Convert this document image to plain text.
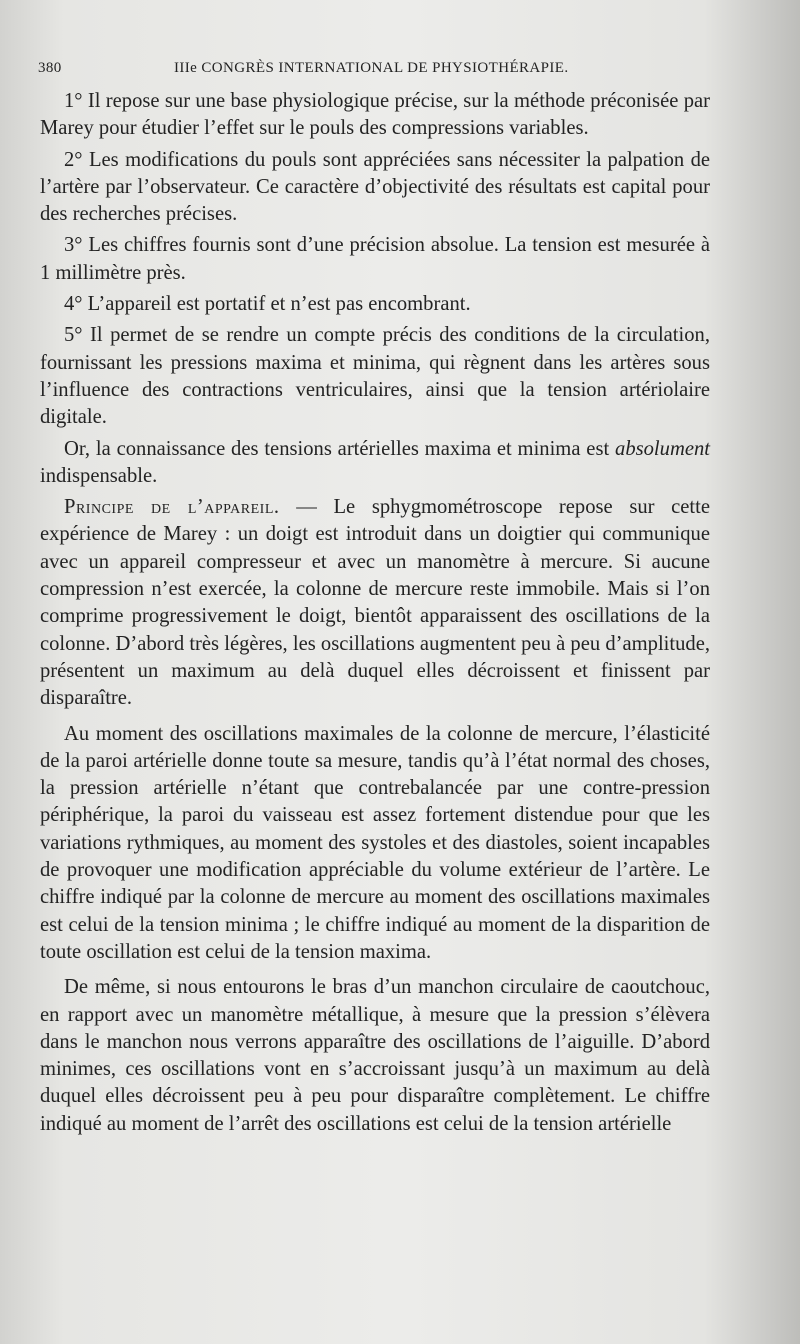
380	IIIe CONGRÈS INTERNATIONAL DE PHYSIOTHÉRAPIE.

1° Il repose sur une base physiologique précise, sur la méthode préconisée par Marey pour étudier l’effet sur le pouls des compressions variables.

2° Les modifications du pouls sont appréciées sans nécessiter la palpation de l’artère par l’observateur. Ce caractère d’objectivité des résultats est capital pour des recherches précises.

3° Les chiffres fournis sont d’une précision absolue. La tension est mesurée à 1 millimètre près.

4° L’appareil est portatif et n’est pas encombrant.

5° Il permet de se rendre un compte précis des conditions de la circulation, fournissant les pressions maxima et minima, qui règnent dans les artères sous l’influence des contractions ventriculaires, ainsi que la tension artériolaire digitale.

Or, la connaissance des tensions artérielles maxima et minima est absolument indispensable.

Principe de l’appareil. — Le sphygmométroscope repose sur cette expérience de Marey : un doigt est introduit dans un doigtier qui communique avec un appareil compresseur et avec un manomètre à mercure. Si aucune compression n’est exercée, la colonne de mercure reste immobile. Mais si l’on comprime progressivement le doigt, bientôt apparaissent des oscillations de la colonne. D’abord très légères, les oscillations augmentent peu à peu d’amplitude, présentent un maximum au delà duquel elles décroissent et finissent par disparaître.

Au moment des oscillations maximales de la colonne de mercure, l’élasticité de la paroi artérielle donne toute sa mesure, tandis qu’à l’état normal des choses, la pression artérielle n’étant que contrebalancée par une contre-pression périphérique, la paroi du vaisseau est assez fortement distendue pour que les variations rythmiques, au moment des systoles et des diastoles, soient incapables de provoquer une modification appréciable du volume extérieur de l’artère. Le chiffre indiqué par la colonne de mercure au moment des oscillations maximales est celui de la tension minima ; le chiffre indiqué au moment de la disparition de toute oscillation est celui de la tension maxima.

De même, si nous entourons le bras d’un manchon circulaire de caoutchouc, en rapport avec un manomètre métallique, à mesure que la pression s’élèvera dans le manchon nous verrons apparaître des oscillations de l’aiguille. D’abord minimes, ces oscillations vont en s’accroissant jusqu’à un maximum au delà duquel elles décroissent peu à peu pour disparaître complètement. Le chiffre indiqué au moment de l’arrêt des oscillations est celui de la tension artérielle
